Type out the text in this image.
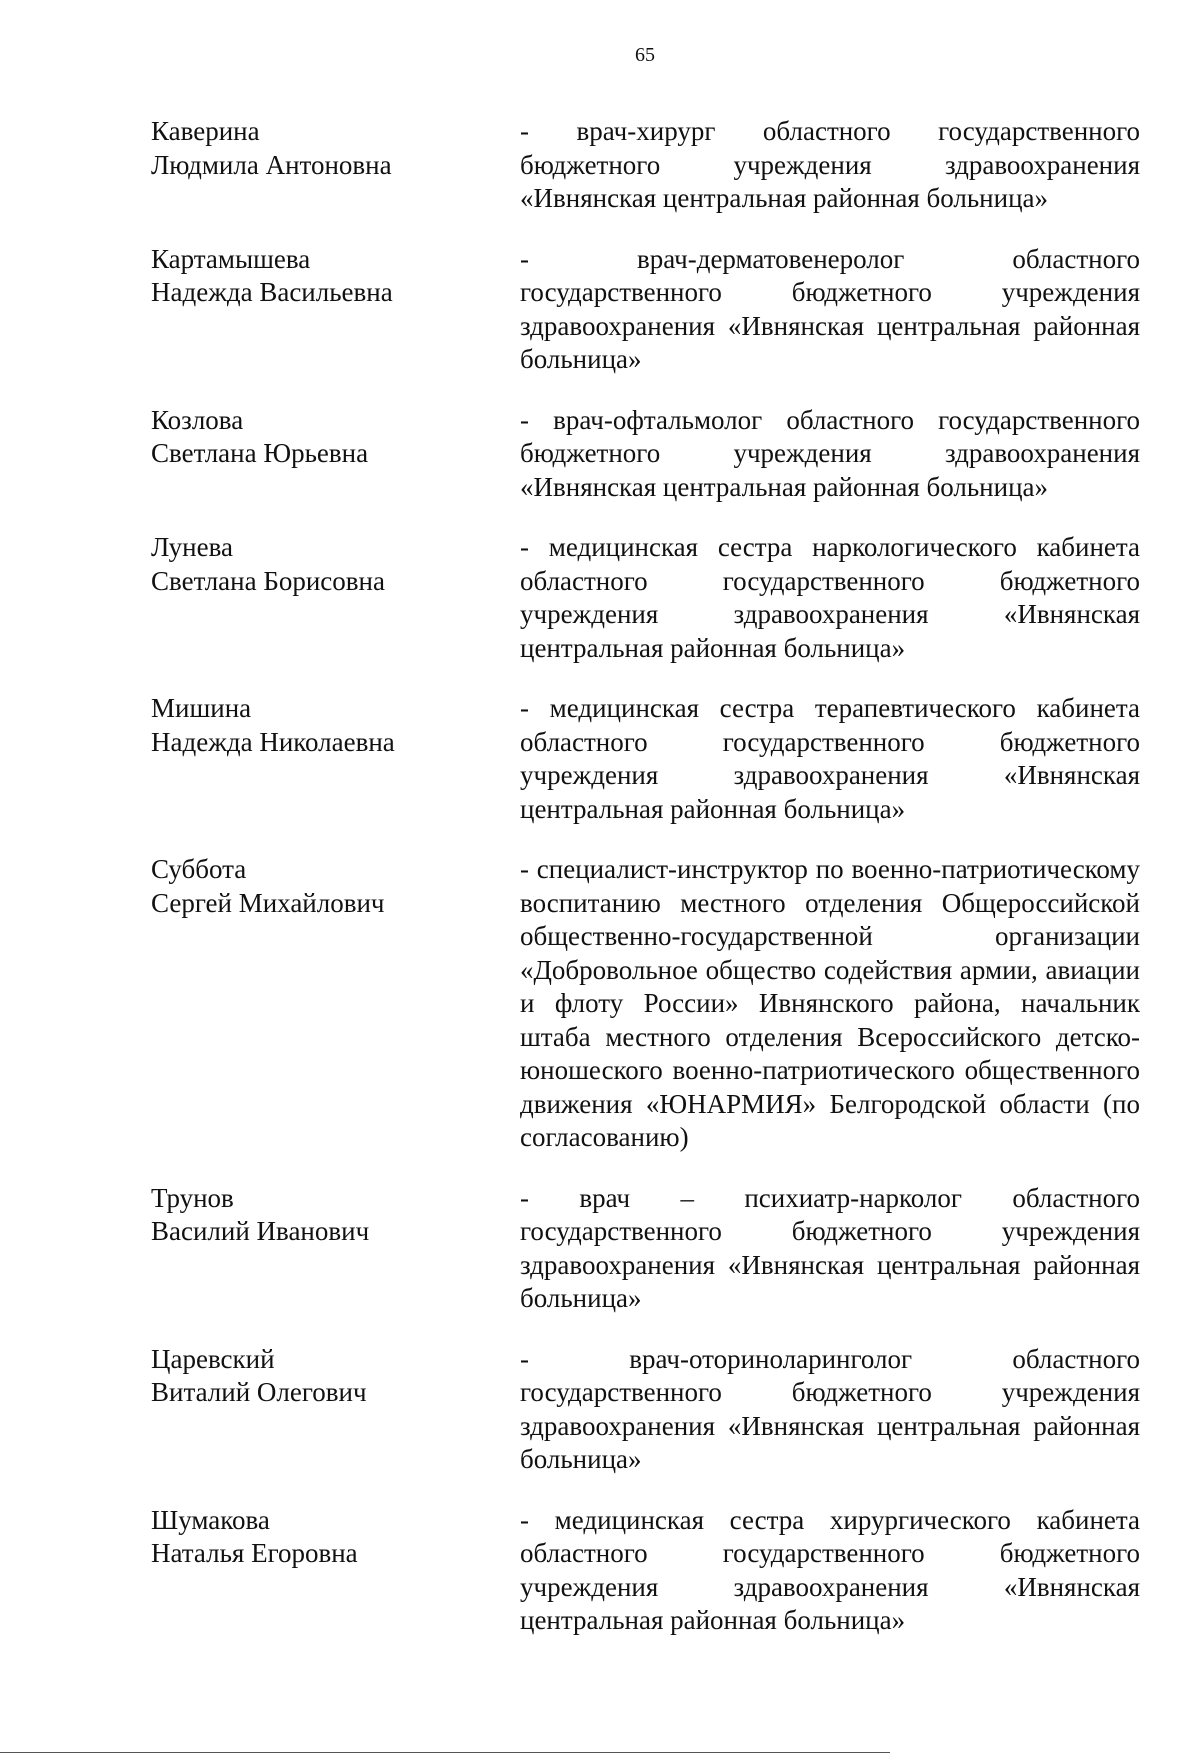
65
Каверина
Людмила Антоновна
- врач-хирург областного государственного бюджетного учреждения здравоохранения «Ивнянская центральная районная больница»
Картамышева
Надежда Васильевна
- врач-дерматовенеролог областного государственного бюджетного учреждения здравоохранения «Ивнянская центральная районная больница»
Козлова
Светлана Юрьевна
- врач-офтальмолог областного государственного бюджетного учреждения здравоохранения «Ивнянская центральная районная больница»
Лунева
Светлана Борисовна
- медицинская сестра наркологического кабинета областного государственного бюджетного учреждения здравоохранения «Ивнянская центральная районная больница»
Мишина
Надежда Николаевна
- медицинская сестра терапевтического кабинета областного государственного бюджетного учреждения здравоохранения «Ивнянская центральная районная больница»
Суббота
Сергей Михайлович
- специалист-инструктор по военно-патриотическому воспитанию местного отделения Общероссийской общественно-государственной организации «Добровольное общество содействия армии, авиации и флоту России» Ивнянского района, начальник штаба местного отделения Всероссийского детско-юношеского военно-патриотического общественного движения «ЮНАРМИЯ» Белгородской области (по согласованию)
Трунов
Василий Иванович
- врач – психиатр-нарколог областного государственного бюджетного учреждения здравоохранения «Ивнянская центральная районная больница»
Царевский
Виталий Олегович
- врач-оториноларинголог областного государственного бюджетного учреждения здравоохранения «Ивнянская центральная районная больница»
Шумакова
Наталья Егоровна
- медицинская сестра хирургического кабинета областного государственного бюджетного учреждения здравоохранения «Ивнянская центральная районная больница»
